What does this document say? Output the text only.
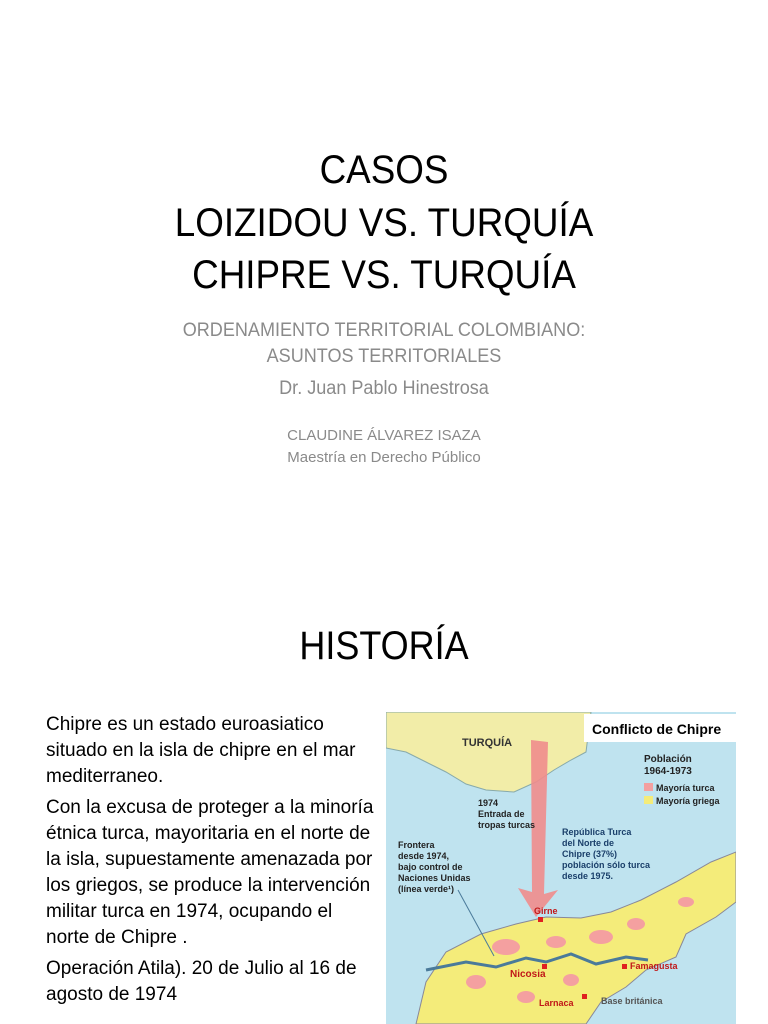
CASOS
LOIZIDOU VS. TURQUÍA
CHIPRE VS. TURQUÍA
ORDENAMIENTO TERRITORIAL COLOMBIANO:
ASUNTOS TERRITORIALES
Dr. Juan Pablo Hinestrosa
CLAUDINE ÁLVAREZ ISAZA
Maestría en Derecho Público
HISTORÍA

Chipre es un estado euroasiatico situado en la isla de chipre en el mar mediterraneo.

Con la excusa de proteger a la minoría étnica turca, mayoritaria en el norte de la isla, supuestamente amenazada por los griegos, se produce la intervención militar turca en 1974, ocupando el norte de Chipre .

Operación Atila). 20 de Julio al 16 de agosto de 1974

Conflicto de Chipre
Población
1964-1973
Mayoría turca
Mayoría griega
TURQUÍA
1974
Entrada de
tropas turcas
República Turca
del Norte de
Chipre (37%)
población sólo turca
desde 1975.
Frontera
desde 1974,
bajo control de
Naciones Unidas
(línea verde¹)
Girne
Famagusta
Nicosia
Larnaca	Base británica
